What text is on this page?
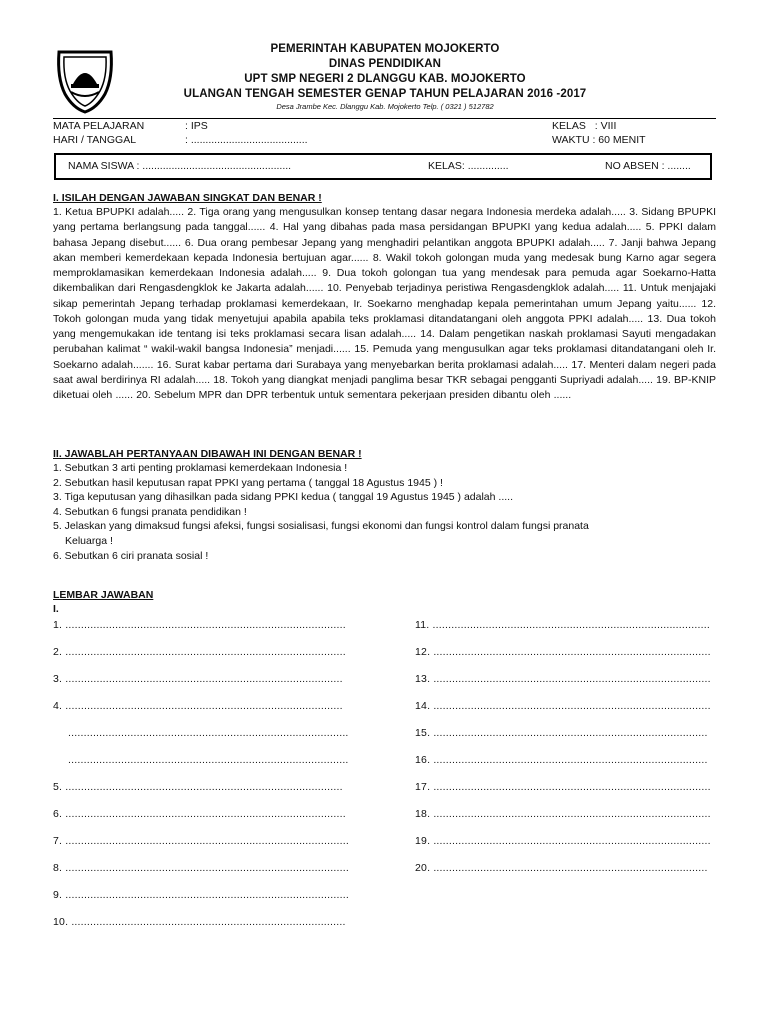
PEMERINTAH KABUPATEN MOJOKERTO
DINAS PENDIDIKAN
UPT SMP NEGERI 2 DLANGGU KAB. MOJOKERTO
ULANGAN TENGAH SEMESTER GENAP TAHUN PELAJARAN 2016 -2017
Desa Jrambe Kec. Dlanggu Kab. Mojokerto Telp. ( 0321 ) 512782
MATA PELAJARAN	: IPS
HARI / TANGGAL	: ........................................
KELAS : VIII
WAKTU : 60 MENIT
NAMA SISWA : ...................................................	KELAS: ..............	NO ABSEN : ........
I. ISILAH DENGAN JAWABAN SINGKAT DAN BENAR !
1. Ketua BPUPKI adalah..... 2. Tiga orang yang mengusulkan konsep tentang dasar negara Indonesia merdeka adalah..... 3. Sidang BPUPKI yang pertama berlangsung pada tanggal...... 4. Hal yang dibahas pada masa persidangan BPUPKI yang kedua adalah..... 5. PPKI dalam bahasa Jepang disebut...... 6. Dua orang pembesar Jepang yang menghadiri pelantikan anggota BPUPKI adalah..... 7. Janji bahwa Jepang akan memberi kemerdekaan kepada Indonesia bertujuan agar...... 8. Wakil tokoh golongan muda yang medesak bung Karno agar segera memproklamasikan kemerdekaan Indonesia adalah..... 9. Dua tokoh golongan tua yang mendesak para pemuda agar Soekarno-Hatta dikembalikan dari Rengasdengklok ke Jakarta adalah...... 10. Penyebab terjadinya peristiwa Rengasdengklok adalah..... 11. Untuk menjajaki sikap pemerintah Jepang terhadap proklamasi kemerdekaan, Ir. Soekarno menghadap kepala pemerintahan umum Jepang yaitu...... 12. Tokoh golongan muda yang tidak menyetujui apabila apabila teks proklamasi ditandatangani oleh anggota PPKI adalah..... 13. Dua tokoh yang mengemukakan ide tentang isi teks proklamasi secara lisan adalah..... 14. Dalam pengetikan naskah proklamasi Sayuti mengadakan perubahan kalimat “ wakil-wakil bangsa Indonesia” menjadi...... 15. Pemuda yang mengusulkan agar teks proklamasi ditandatangani oleh Ir. Soekarno adalah....... 16. Surat kabar pertama dari Surabaya yang menyebarkan berita proklamasi adalah..... 17. Menteri dalam negeri pada saat awal berdirinya RI adalah..... 18. Tokoh yang diangkat menjadi panglima besar TKR sebagai pengganti Supriyadi adalah..... 19. BP-KNIP diketuai oleh ...... 20. Sebelum MPR dan DPR terbentuk untuk sementara pekerjaan presiden dibantu oleh ......
II. JAWABLAH PERTANYAAN DIBAWAH INI DENGAN BENAR !
1. Sebutkan 3 arti penting proklamasi kemerdekaan Indonesia !
2. Sebutkan hasil keputusan rapat PPKI yang pertama ( tanggal 18 Agustus 1945 ) !
3. Tiga keputusan yang dihasilkan pada sidang PPKI kedua ( tanggal 19 Agustus 1945 ) adalah .....
4. Sebutkan 6 fungsi pranata pendidikan !
5. Jelaskan yang dimaksud fungsi afeksi, fungsi sosialisasi, fungsi ekonomi dan fungsi kontrol dalam fungsi pranata
Keluarga !
6. Sebutkan 6 ciri pranata sosial !
LEMBAR JAWABAN
I.
1. ..........................................................................................
2. ..........................................................................................
3. .........................................................................................
4. .........................................................................................
..........................................................................................
..........................................................................................
5. .........................................................................................
6. ..........................................................................................
7. ...........................................................................................
8. ...........................................................................................
9. ...........................................................................................
10. ........................................................................................
11. .........................................................................................
12. .........................................................................................
13. .........................................................................................
14. .........................................................................................
15. ........................................................................................
16. ........................................................................................
17. .........................................................................................
18. .........................................................................................
19. .........................................................................................
20. ........................................................................................
